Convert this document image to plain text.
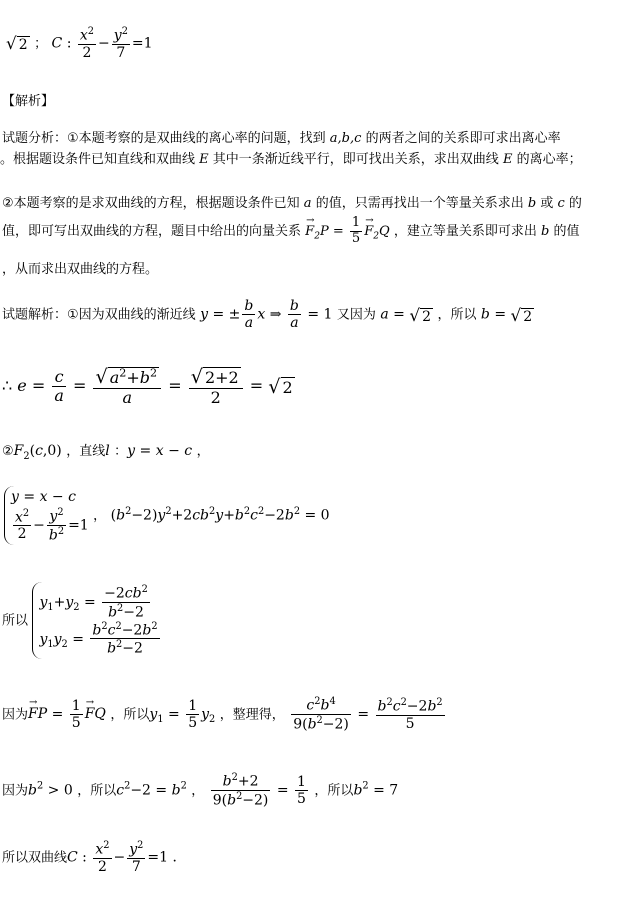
√ 2 ； C : $\frac{x^2}{2} - \frac{y^2}{7} =1$
【解析】
试题分析：①本题考察的是双曲线的离心率的问题，找到 a,b,c 的两者之间的关系即可求出离心率
。根据题设条件已知直线和双曲线 E 其中一条渐近线平行，即可找出关系，求出双曲线 E 的离心率；
②本题考察的是求双曲线的方程，根据题设条件已知 a 的值，只需再找出一个等量关系求出 b 或 c 的
值，即可写出双曲线的方程，题目中给出的向量关系 → $F_2P = \frac{1}{5}$
→ $F_2Q$ ，建立等量关系即可求出 b 的值
，从而求出双曲线的方程。
试题解析：①因为双曲线的渐近线 y = ± $\frac{b}{a}$ x ⇒ $\frac{b}{a} = 1$ 又因为 a = √ 2 ，所以 b = √ 2
∴ $e = \frac{c}{a} = \frac{√ a^2+b^2}{a} = \frac{√ 2+2}{2}$ = √ 2
$②F_2(c,0)$ ，直线l ：y = x − c ，
y = x − c
$\frac{x^2}{2} - \frac{y^2}{b^2} =1$
， $(b^2-2)y^2+2cb^2y+b^2c^2-2b^2 = 0$
所以
$y_1+y_2 = \frac{-2cb^2}{b^2-2}$
$y_1y_2 = \frac{b^2c^2-2b^2}{b^2-2}$
因为→ FP = $\frac{1}{5}$
→ FQ ，所以$y_1 = \frac{1}{5} y_2$ ，整理得， $\frac{c^2b^4}{9(b^2-2)} = \frac{b^2c^2-2b^2}{5}$
因为$b^2 > 0$ ，所以$c^2-2 = b^2$ ， $\frac{b^2+2}{9(b^2-2)} = \frac{1}{5}$ ，所以$b^2 = 7$
所以双曲线C : $\frac{x^2}{2} - \frac{y^2}{7} =1$ ．
